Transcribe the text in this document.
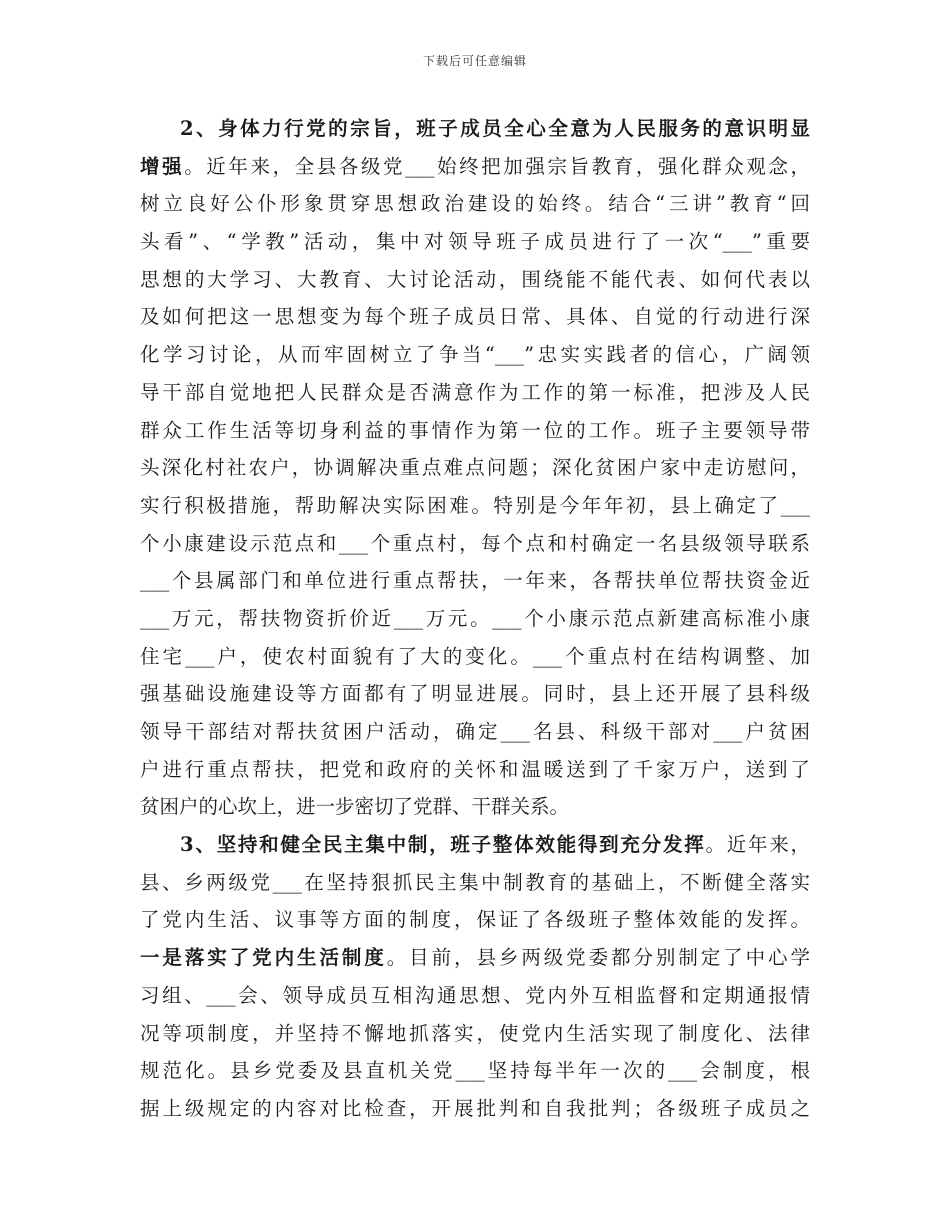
下载后可任意编辑
2、身体力行党的宗旨，班子成员全心全意为人民服务的意识明显
增强。近年来，全县各级党___始终把加强宗旨教育，强化群众观念，
树立良好公仆形象贯穿思想政治建设的始终。结合“三讲”教育“回
头看”、“学教”活动，集中对领导班子成员进行了一次“___”重要
思想的大学习、大教育、大讨论活动，围绕能不能代表、如何代表以
及如何把这一思想变为每个班子成员日常、具体、自觉的行动进行深
化学习讨论，从而牢固树立了争当“___”忠实实践者的信心，广阔领
导干部自觉地把人民群众是否满意作为工作的第一标准，把涉及人民
群众工作生活等切身利益的事情作为第一位的工作。班子主要领导带
头深化村社农户，协调解决重点难点问题；深化贫困户家中走访慰问，
实行积极措施，帮助解决实际困难。特别是今年年初，县上确定了___
个小康建设示范点和___个重点村，每个点和村确定一名县级领导联系
___个县属部门和单位进行重点帮扶，一年来，各帮扶单位帮扶资金近
___万元，帮扶物资折价近___万元。___个小康示范点新建高标准小康
住宅___户，使农村面貌有了大的变化。___个重点村在结构调整、加
强基础设施建设等方面都有了明显进展。同时，县上还开展了县科级
领导干部结对帮扶贫困户活动，确定___名县、科级干部对___户贫困
户进行重点帮扶，把党和政府的关怀和温暖送到了千家万户，送到了
贫困户的心坎上，进一步密切了党群、干群关系。
3、坚持和健全民主集中制，班子整体效能得到充分发挥。近年来，
县、乡两级党___在坚持狠抓民主集中制教育的基础上，不断健全落实
了党内生活、议事等方面的制度，保证了各级班子整体效能的发挥。
一是落实了党内生活制度。目前，县乡两级党委都分别制定了中心学
习组、___会、领导成员互相沟通思想、党内外互相监督和定期通报情
况等项制度，并坚持不懈地抓落实，使党内生活实现了制度化、法律
规范化。县乡党委及县直机关党___坚持每半年一次的___会制度，根
据上级规定的内容对比检查，开展批判和自我批判；各级班子成员之
